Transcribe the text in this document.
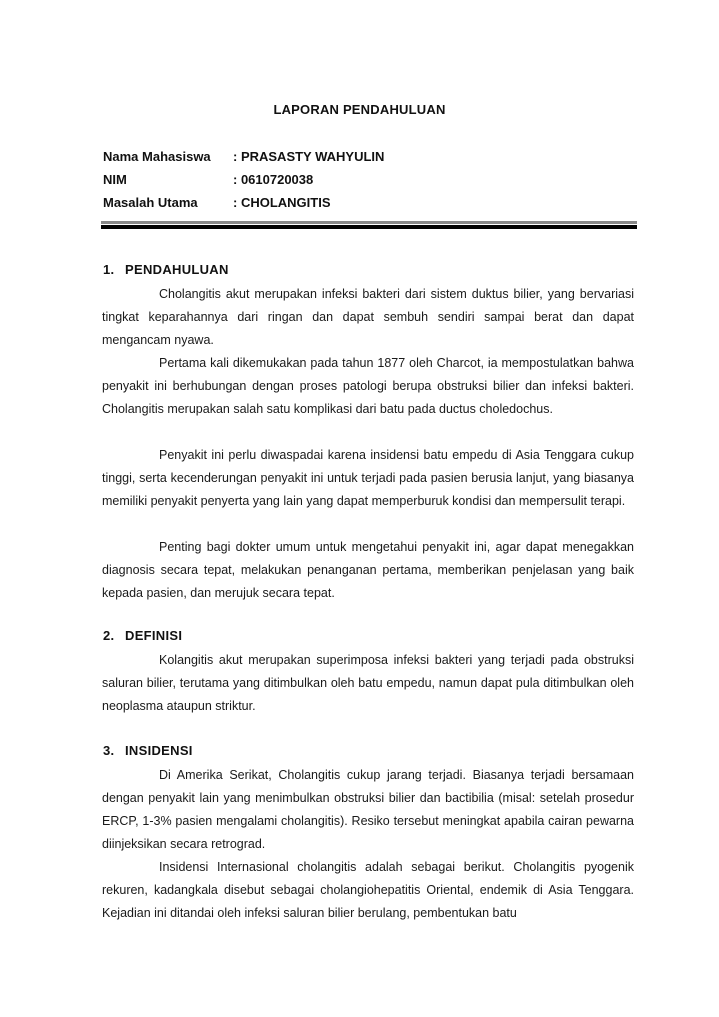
LAPORAN PENDAHULUAN
Nama Mahasiswa	: PRASASTY WAHYULIN
NIM	: 0610720038
Masalah Utama	: CHOLANGITIS
1. PENDAHULUAN

Cholangitis akut merupakan infeksi bakteri dari sistem duktus bilier, yang bervariasi tingkat keparahannya dari ringan dan dapat sembuh sendiri sampai berat dan dapat mengancam nyawa.

Pertama kali dikemukakan pada tahun 1877 oleh Charcot, ia mempostulatkan bahwa penyakit ini berhubungan dengan proses patologi berupa obstruksi bilier dan infeksi bakteri. Cholangitis merupakan salah satu komplikasi dari batu pada ductus choledochus.

Penyakit ini perlu diwaspadai karena insidensi batu empedu di Asia Tenggara cukup tinggi, serta kecenderungan penyakit ini untuk terjadi pada pasien berusia lanjut, yang biasanya memiliki penyakit penyerta yang lain yang dapat memperburuk kondisi dan mempersulit terapi.

Penting bagi dokter umum untuk mengetahui penyakit ini, agar dapat menegakkan diagnosis secara tepat, melakukan penanganan pertama, memberikan penjelasan yang baik kepada pasien, dan merujuk secara tepat.

2. DEFINISI

Kolangitis akut merupakan superimposa infeksi bakteri yang terjadi pada obstruksi saluran bilier, terutama yang ditimbulkan oleh batu empedu, namun dapat pula ditimbulkan oleh neoplasma ataupun striktur.

3. INSIDENSI

Di Amerika Serikat, Cholangitis cukup jarang terjadi. Biasanya terjadi bersamaan dengan penyakit lain yang menimbulkan obstruksi bilier dan bactibilia (misal: setelah prosedur ERCP, 1-3% pasien mengalami cholangitis). Resiko tersebut meningkat apabila cairan pewarna diinjeksikan secara retrograd.

Insidensi Internasional cholangitis adalah sebagai berikut. Cholangitis pyogenik rekuren, kadangkala disebut sebagai cholangiohepatitis Oriental, endemik di Asia Tenggara. Kejadian ini ditandai oleh infeksi saluran bilier berulang, pembentukan batu
